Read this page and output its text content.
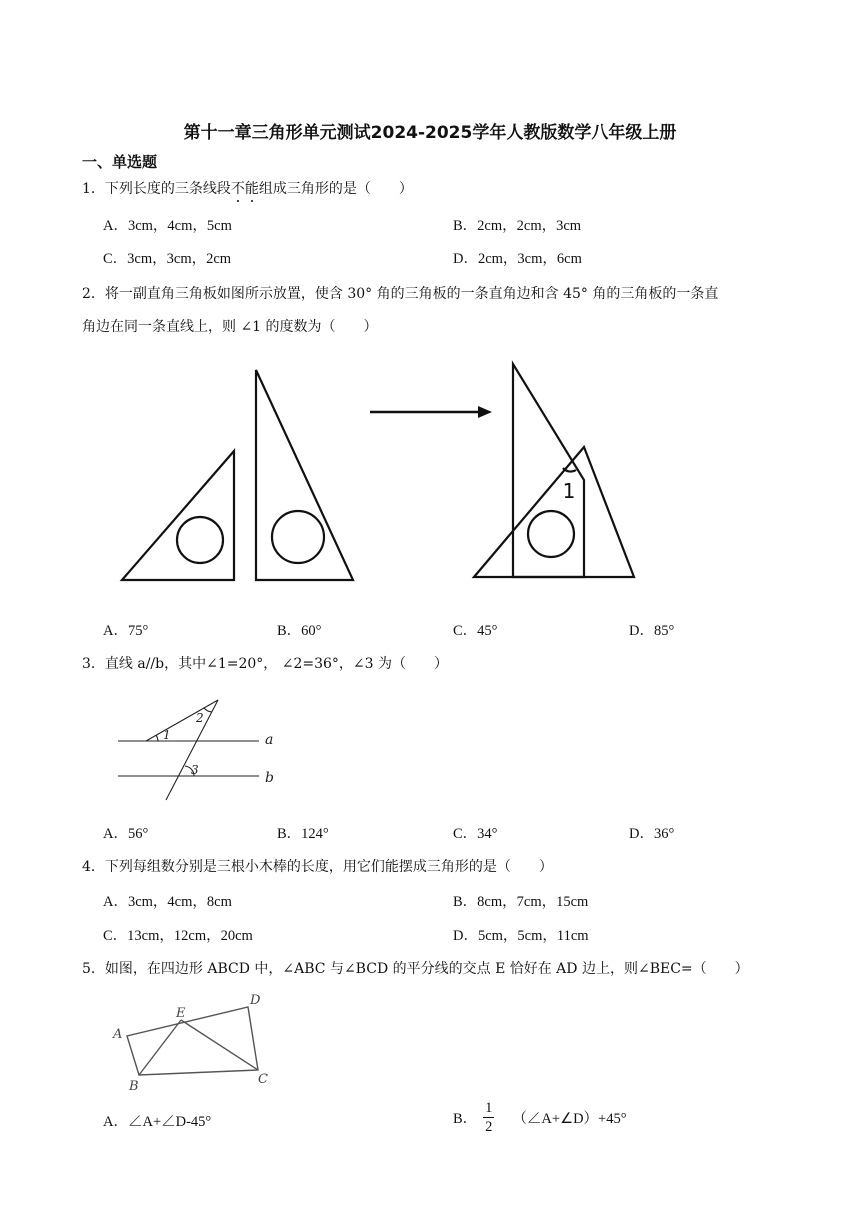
第十一章三角形单元测试2024-2025学年人教版数学八年级上册
一、单选题
1．下列长度的三条线段不能组成三角形的是（　　）
A．3cm，4cm，5cm	B．2cm，2cm，3cm
C．3cm，3cm，2cm	D．2cm，3cm，6cm
2．将一副直角三角板如图所示放置，使含 30° 角的三角板的一条直角边和含 45° 角的三角板的一条直
角边在同一条直线上，则 ∠1 的度数为（　　）
1
A．75°	B．60°	C．45°	D．85°
3．直线 a//b，其中∠1=20°， ∠2=36°，∠3 为（　　）
1
2
3
a
b
A．56°	B．124°	C．34°	D．36°
4．下列每组数分别是三根小木棒的长度，用它们能摆成三角形的是（　　）
A．3cm，4cm，8cm	B．8cm，7cm，15cm
C．13cm，12cm，20cm	D．5cm，5cm，11cm
5．如图，在四边形 ABCD 中，∠ABC 与∠BCD 的平分线的交点 E 恰好在 AD 边上，则∠BEC=（　　）
A
B	C
D
E
A．∠A+∠D-45°	B． $\frac{1}{2}$ （∠A+∠D）+45°
